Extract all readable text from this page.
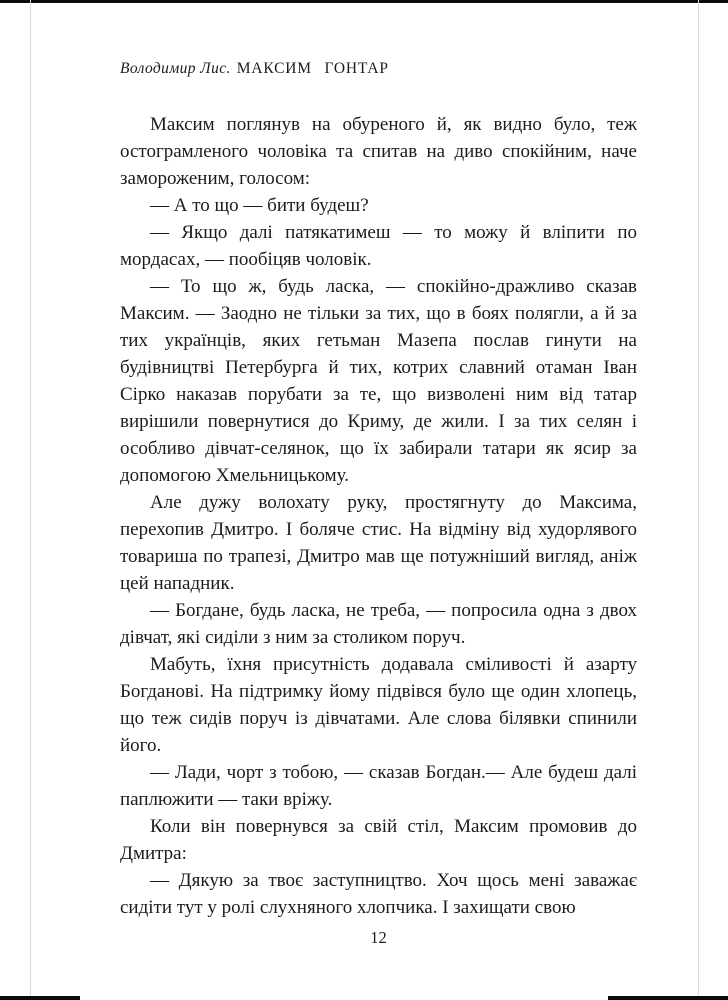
Володимир Лис. МАКСИМ ГОНТАР

Максим поглянув на обуреного й, як видно було, теж остограмленого чоловіка та спитав на диво спокійним, наче замороженим, голосом:

— А то що — бити будеш?

— Якщо далі патякатимеш — то можу й вліпити по мордасах, — пообіцяв чоловік.

— То що ж, будь ласка, — спокійно-дражливо сказав Максим. — Заодно не тільки за тих, що в боях полягли, а й за тих українців, яких гетьман Мазепа послав гинути на будівництві Петербурга й тих, котрих славний отаман Іван Сірко наказав порубати за те, що визволені ним від татар вирішили повернутися до Криму, де жили. І за тих селян і особливо дівчат-селянок, що їх забирали татари як ясир за допомогою Хмельницькому.

Але дужу волохату руку, простягнуту до Максима, перехопив Дмитро. І боляче стис. На відміну від худорлявого товариша по трапезі, Дмитро мав ще потужніший вигляд, аніж цей нападник.

— Богдане, будь ласка, не треба, — попросила одна з двох дівчат, які сиділи з ним за столиком поруч.

Мабуть, їхня присутність додавала сміливості й азарту Богданові. На підтримку йому підвівся було ще один хлопець, що теж сидів поруч із дівчатами. Але слова білявки спинили його.

— Лади, чорт з тобою, — сказав Богдан.— Але будеш далі паплюжити — таки вріжу.

Коли він повернувся за свій стіл, Максим промовив до Дмитра:

— Дякую за твоє заступництво. Хоч щось мені заважає сидіти тут у ролі слухняного хлопчика. І захищати свою

12
